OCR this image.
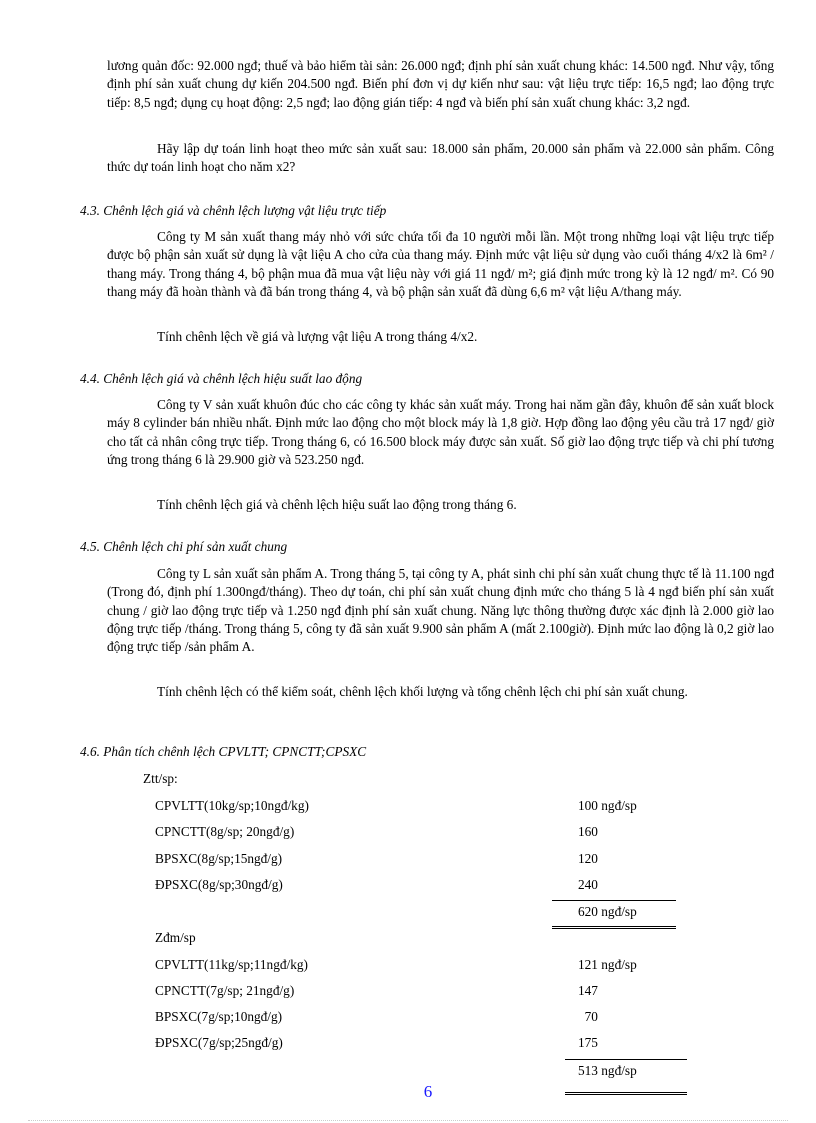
lương quản đốc: 92.000 ngđ; thuế và bảo hiểm tài sản: 26.000 ngđ; định phí sản xuất chung khác: 14.500 ngđ. Như vậy, tổng định phí sản xuất chung dự kiến 204.500 ngđ. Biến phí đơn vị dự kiến như sau: vật liệu trực tiếp: 16,5 ngđ; lao động trực tiếp: 8,5 ngđ; dụng cụ hoạt động: 2,5 ngđ; lao động gián tiếp: 4 ngđ và biến phí sản xuất chung khác: 3,2 ngđ.

Hãy lập dự toán linh hoạt theo mức sản xuất sau: 18.000 sản phẩm, 20.000 sản phẩm và 22.000 sản phẩm. Công thức dự toán linh hoạt cho năm x2?

4.3. Chênh lệch giá và chênh lệch lượng vật liệu trực tiếp

Công ty M sản xuất thang máy nhỏ với sức chứa tối đa 10 người mỗi lần. Một trong những loại vật liệu trực tiếp được bộ phận sản xuất sử dụng là vật liệu A cho cửa của thang máy. Định mức vật liệu sử dụng vào cuối tháng 4/x2 là 6m² / thang máy. Trong tháng 4, bộ phận mua đã mua vật liệu này với giá 11 ngđ/ m²; giá định mức trong kỳ là 12 ngđ/ m². Có 90 thang máy đã hoàn thành và đã bán trong tháng 4, và bộ phận sản xuất đã dùng 6,6 m² vật liệu A/thang máy.

Tính chênh lệch về giá và lượng vật liệu A trong tháng 4/x2.

4.4. Chênh lệch giá và chênh lệch hiệu suất lao động

Công ty V sản xuất khuôn đúc cho các công ty khác sản xuất máy. Trong hai năm gần đây, khuôn để sản xuất block máy 8 cylinder bán nhiều nhất. Định mức lao động cho một block máy là 1,8 giờ. Hợp đồng lao động yêu cầu trả 17 ngđ/ giờ cho tất cả nhân công trực tiếp. Trong tháng 6, có 16.500 block máy được sản xuất. Số giờ lao động trực tiếp và chi phí tương ứng trong tháng 6 là 29.900 giờ và 523.250 ngđ.

Tính chênh lệch giá và chênh lệch hiệu suất lao động trong tháng 6.

4.5. Chênh lệch chi phí sản xuất chung

Công ty L sản xuất sản phẩm A. Trong tháng 5, tại công ty A, phát sinh chi phí sản xuất chung thực tế là 11.100 ngđ (Trong đó, định phí 1.300ngđ/tháng). Theo dự toán, chi phí sản xuất chung định mức cho tháng 5 là 4 ngđ biến phí sản xuất chung / giờ lao động trực tiếp và 1.250 ngđ định phí sản xuất chung. Năng lực thông thường được xác định là 2.000 giờ lao động trực tiếp /tháng. Trong tháng 5, công ty đã sản xuất 9.900 sản phẩm A (mất 2.100giờ). Định mức lao động là 0,2 giờ lao động trực tiếp /sản phẩm A.

Tính chênh lệch có thể kiểm soát, chênh lệch khối lượng và tổng chênh lệch chi phí sản xuất chung.

4.6. Phân tích chênh lệch CPVLTT; CPNCTT;CPSXC
Ztt/sp:
CPVLTT(10kg/sp;10ngđ/kg)	100 ngđ/sp
CPNCTT(8g/sp; 20ngđ/g)	160
BPSXC(8g/sp;15ngđ/g)	120
ĐPSXC(8g/sp;30ngđ/g)	240
620 ngđ/sp
Zđm/sp
CPVLTT(11kg/sp;11ngđ/kg)	121 ngđ/sp
CPNCTT(7g/sp; 21ngđ/g)	147
BPSXC(7g/sp;10ngđ/g)	70
ĐPSXC(7g/sp;25ngđ/g)	175
513 ngđ/sp
6
